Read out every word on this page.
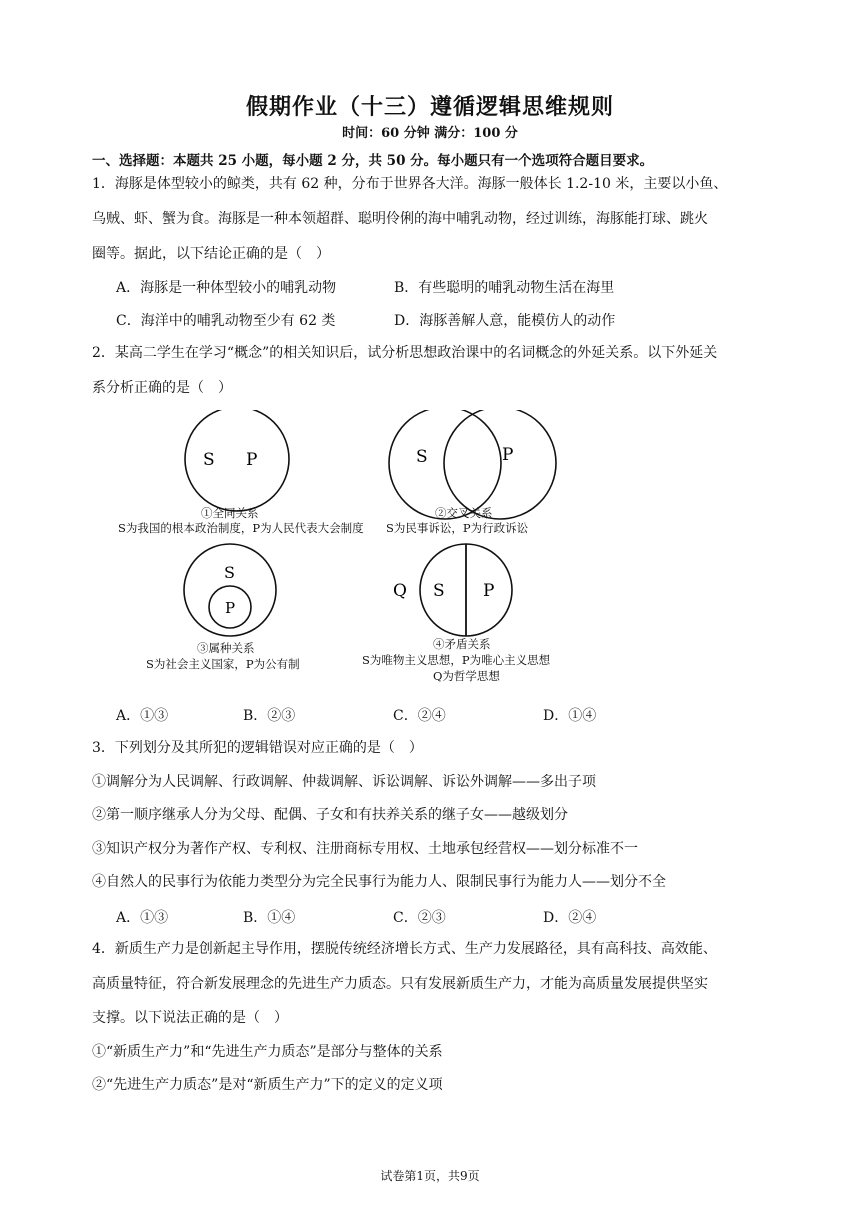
假期作业（十三）遵循逻辑思维规则
时间：60 分钟 满分：100 分
一、选择题：本题共 25 小题，每小题 2 分，共 50 分。每小题只有一个选项符合题目要求。
1．海豚是体型较小的鲸类，共有 62 种，分布于世界各大洋。海豚一般体长 1.2-10 米，主要以小鱼、
乌贼、虾、蟹为食。海豚是一种本领超群、聪明伶俐的海中哺乳动物，经过训练，海豚能打球、跳火
圈等。据此，以下结论正确的是（　）
A．海豚是一种体型较小的哺乳动物	B．有些聪明的哺乳动物生活在海里
C．海洋中的哺乳动物至少有 62 类	D．海豚善解人意，能模仿人的动作
2．某高二学生在学习“概念”的相关知识后，试分析思想政治课中的名词概念的外延关系。以下外延关
系分析正确的是（　）
S P	S	P
S
P
Q S P
①全同关系
S为我国的根本政治制度，P为人民代表大会制度
②交叉关系
S为民事诉讼，P为行政诉讼
③属种关系
S为社会主义国家，P为公有制
④矛盾关系
S为唯物主义思想，P为唯心主义思想
Q为哲学思想
A．①③	B．②③	C．②④	D．①④
3．下列划分及其所犯的逻辑错误对应正确的是（　）
①调解分为人民调解、行政调解、仲裁调解、诉讼调解、诉讼外调解——多出子项
②第一顺序继承人分为父母、配偶、子女和有扶养关系的继子女——越级划分
③知识产权分为著作产权、专利权、注册商标专用权、土地承包经营权——划分标准不一
④自然人的民事行为依能力类型分为完全民事行为能力人、限制民事行为能力人——划分不全
A．①③	B．①④	C．②③	D．②④
4．新质生产力是创新起主导作用，摆脱传统经济增长方式、生产力发展路径，具有高科技、高效能、
高质量特征，符合新发展理念的先进生产力质态。只有发展新质生产力，才能为高质量发展提供坚实
支撑。以下说法正确的是（　）
①“新质生产力”和“先进生产力质态”是部分与整体的关系
②“先进生产力质态”是对“新质生产力”下的定义的定义项
试卷第1页，共9页
